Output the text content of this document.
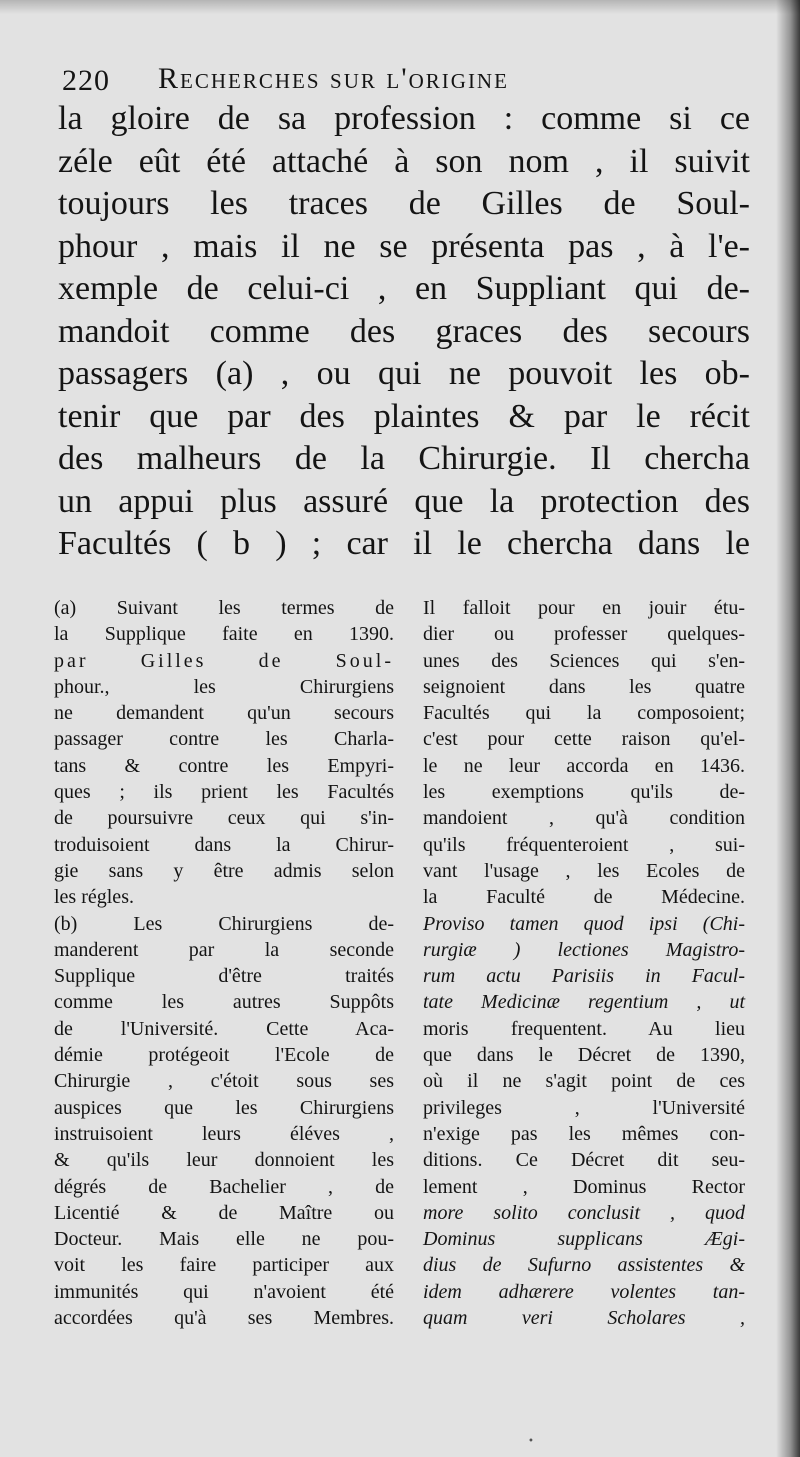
220 Recherches sur l'origine
la gloire de sa profession : comme si ce
zéle eût été attaché à son nom , il suivit
toujours les traces de Gilles de Soul-
phour , mais il ne se présenta pas , à l'e-
xemple de celui-ci , en Suppliant qui de-
mandoit comme des graces des secours
passagers (a) , ou qui ne pouvoit les ob-
tenir que par des plaintes & par le récit
des malheurs de la Chirurgie. Il chercha
un appui plus assuré que la protection des
Facultés ( b ) ; car il le chercha dans le
(a) Suivant les termes de
la Supplique faite en 1390.
par Gilles de Soul-
phour., les Chirurgiens
ne demandent qu'un secours
passager contre les Charla-
tans & contre les Empyri-
ques ; ils prient les Facultés
de poursuivre ceux qui s'in-
troduisoient dans la Chirur-
gie sans y être admis selon
les régles.
(b) Les Chirurgiens de-
manderent par la seconde
Supplique d'être traités
comme les autres Suppôts
de l'Université. Cette Aca-
démie protégeoit l'Ecole de
Chirurgie , c'étoit sous ses
auspices que les Chirurgiens
instruisoient leurs éléves ,
& qu'ils leur donnoient les
dégrés de Bachelier , de
Licentié & de Maître ou
Docteur. Mais elle ne pou-
voit les faire participer aux
immunités qui n'avoient été
accordées qu'à ses Membres.
Il falloit pour en jouir étu-
dier ou professer quelques-
unes des Sciences qui s'en-
seignoient dans les quatre
Facultés qui la composoient;
c'est pour cette raison qu'el-
le ne leur accorda en 1436.
les exemptions qu'ils de-
mandoient , qu'à condition
qu'ils fréquenteroient , sui-
vant l'usage , les Ecoles de
la Faculté de Médecine.
Proviso tamen quod ipsi (Chi-
rurgiæ ) lectiones Magistro-
rum actu Parisiis in Facul-
tate Medicinæ regentium , ut
moris frequentent. Au lieu
que dans le Décret de 1390,
où il ne s'agit point de ces
privileges , l'Université
n'exige pas les mêmes con-
ditions. Ce Décret dit seu-
lement , Dominus Rector
more solito conclusit , quod
Dominus supplicans Ægi-
dius de Sufurno assistentes &
idem adhærere volentes tan-
quam veri Scholares ,
•
